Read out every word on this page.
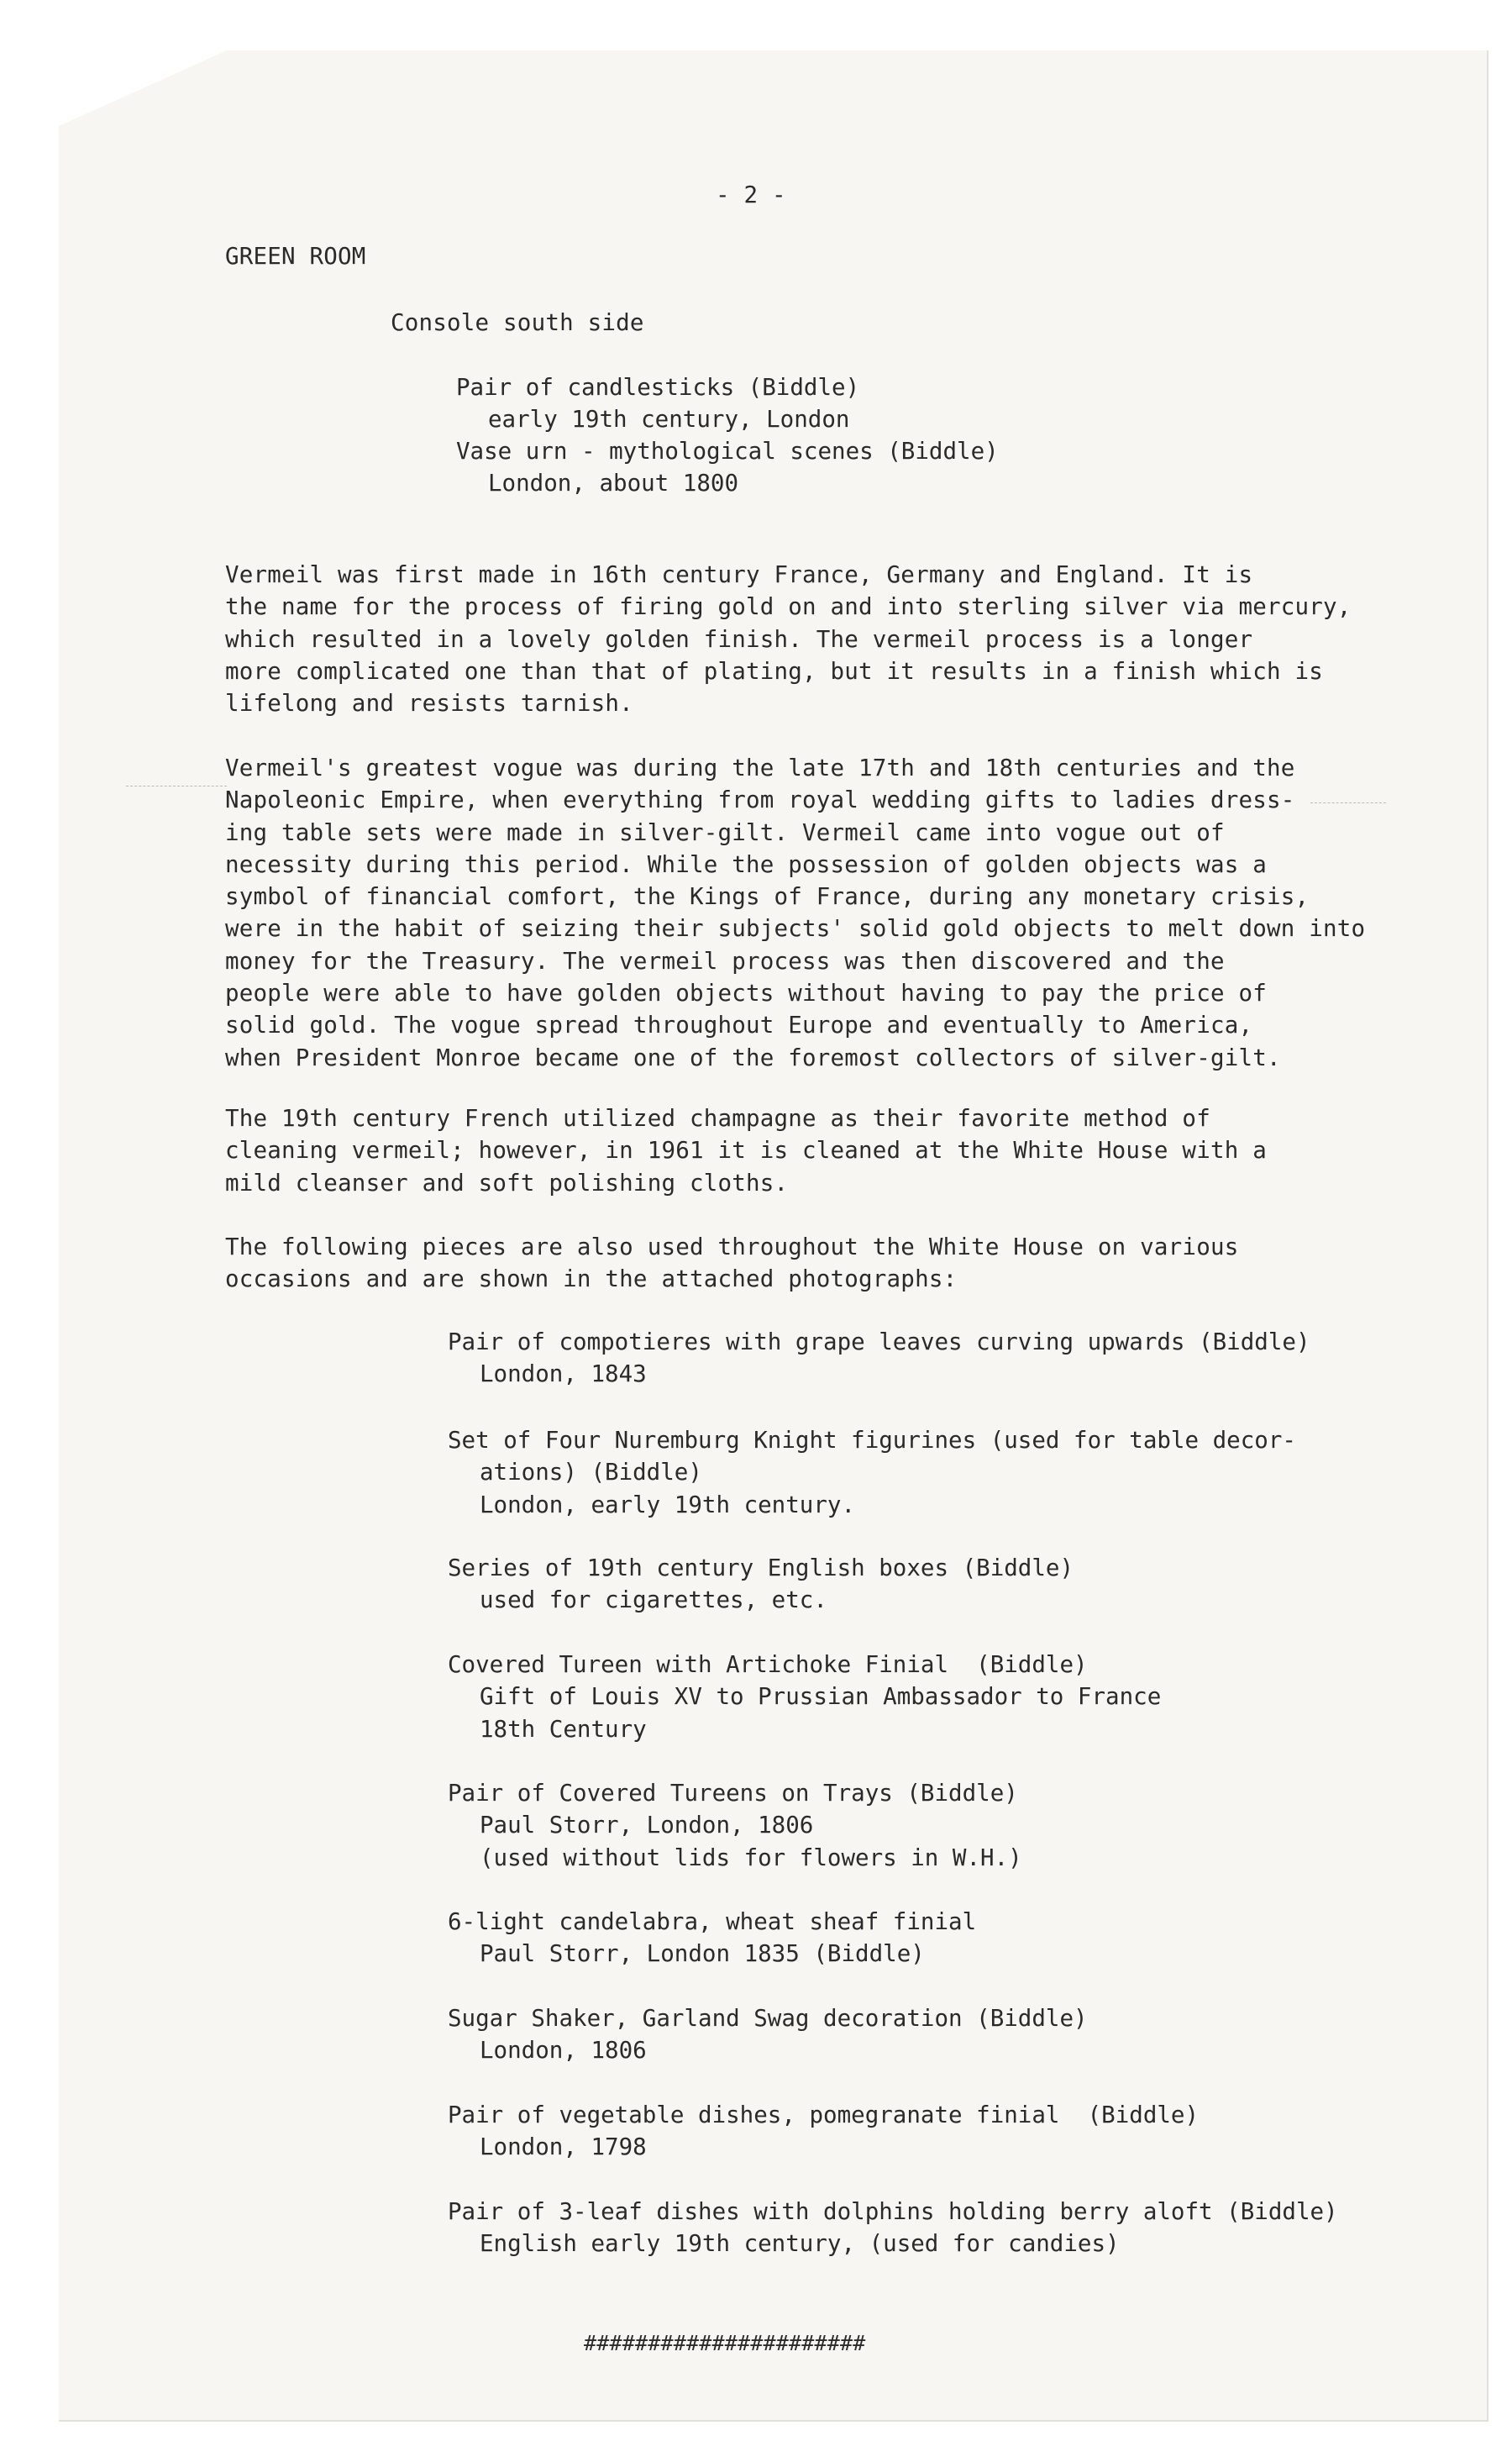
- 2 -
GREEN ROOM
Console south side
Pair of candlesticks (Biddle)
early 19th century, London
Vase urn - mythological scenes (Biddle)
London, about 1800
Vermeil was first made in 16th century France, Germany and England. It is
the name for the process of firing gold on and into sterling silver via mercury,
which resulted in a lovely golden finish. The vermeil process is a longer
more complicated one than that of plating, but it results in a finish which is
lifelong and resists tarnish.
Vermeil's greatest vogue was during the late 17th and 18th centuries and the
Napoleonic Empire, when everything from royal wedding gifts to ladies dress-
ing table sets were made in silver-gilt. Vermeil came into vogue out of
necessity during this period. While the possession of golden objects was a
symbol of financial comfort, the Kings of France, during any monetary crisis,
were in the habit of seizing their subjects' solid gold objects to melt down into
money for the Treasury. The vermeil process was then discovered and the
people were able to have golden objects without having to pay the price of
solid gold. The vogue spread throughout Europe and eventually to America,
when President Monroe became one of the foremost collectors of silver-gilt.
The 19th century French utilized champagne as their favorite method of
cleaning vermeil; however, in 1961 it is cleaned at the White House with a
mild cleanser and soft polishing cloths.
The following pieces are also used throughout the White House on various
occasions and are shown in the attached photographs:
Pair of compotieres with grape leaves curving upwards (Biddle)
London, 1843
Set of Four Nuremburg Knight figurines (used for table decor-
ations) (Biddle)
London, early 19th century.
Series of 19th century English boxes (Biddle)
used for cigarettes, etc.
Covered Tureen with Artichoke Finial  (Biddle)
Gift of Louis XV to Prussian Ambassador to France
18th Century
Pair of Covered Tureens on Trays (Biddle)
Paul Storr, London, 1806
(used without lids for flowers in W.H.)
6-light candelabra, wheat sheaf finial
Paul Storr, London 1835 (Biddle)
Sugar Shaker, Garland Swag decoration (Biddle)
London, 1806
Pair of vegetable dishes, pomegranate finial  (Biddle)
London, 1798
Pair of 3-leaf dishes with dolphins holding berry aloft (Biddle)
English early 19th century, (used for candies)
######################
